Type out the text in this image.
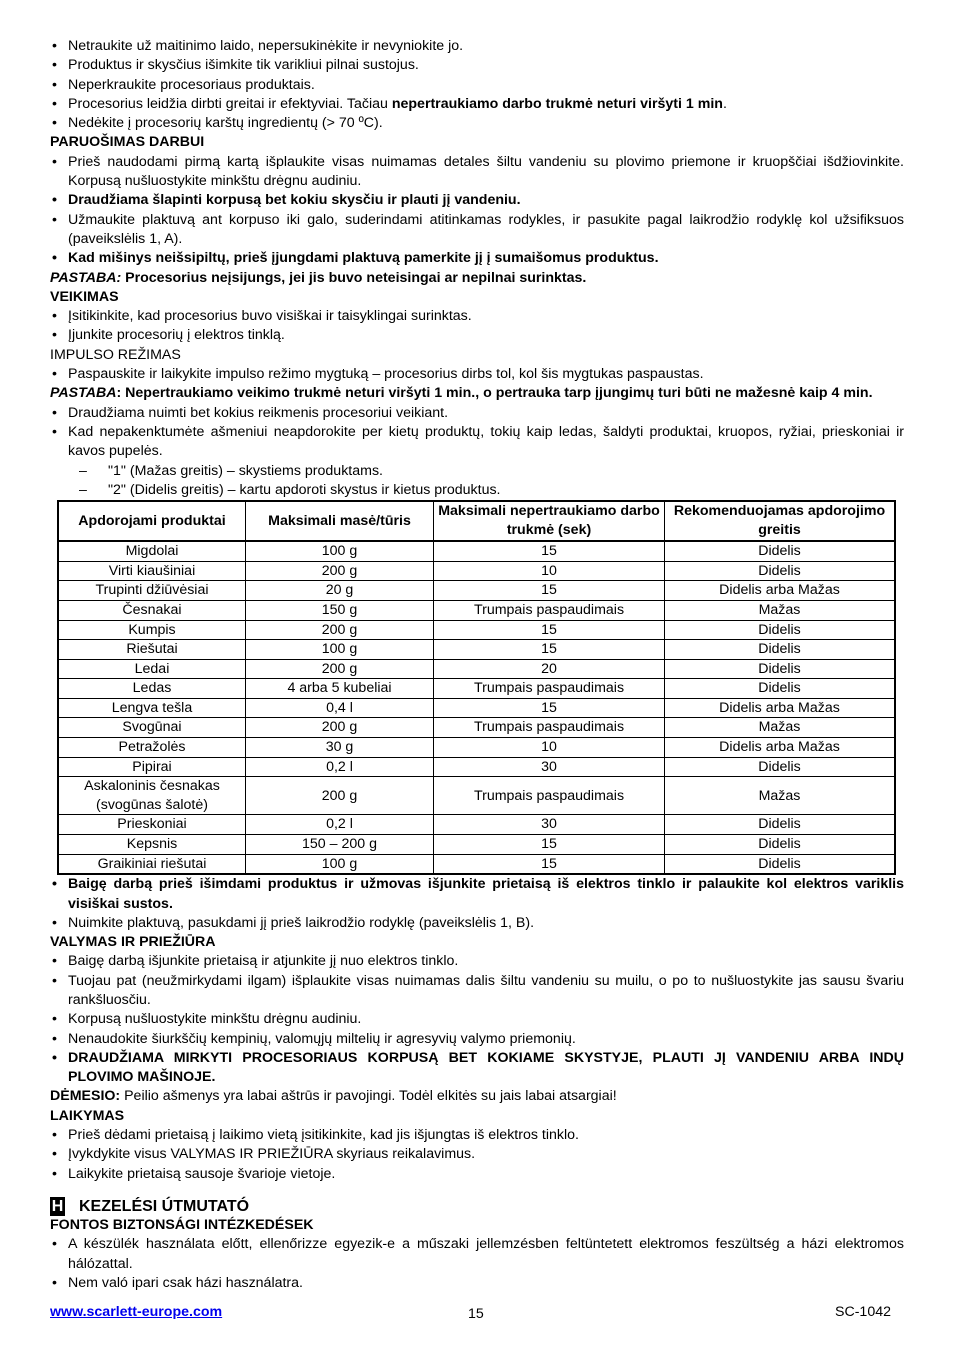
• Netraukite už maitinimo laido, nepersukinėkite ir nevyniokite jo.
• Produktus ir skysčius išimkite tik varikliui pilnai sustojus.
• Neperkraukite procesoriaus produktais.
• Procesorius leidžia dirbti greitai ir efektyviai. Tačiau nepertraukiamo darbo trukmė neturi viršyti 1 min.
• Nedėkite į procesorių karštų ingredientų (> 70 ºC).

PARUOŠIMAS DARBUI

• Prieš naudodami pirmą kartą išplaukite visas nuimamas detales šiltu vandeniu su plovimo priemone ir kruopščiai išdžiovinkite. Korpusą nušluostykite minkštu drėgnu audiniu.
• Draudžiama šlapinti korpusą bet kokiu skysčiu ir plauti jį vandeniu.
• Užmaukite plaktuvą ant korpuso iki galo, suderindami atitinkamas rodykles, ir pasukite pagal laikrodžio rodyklę kol užsifiksuos (paveikslėlis 1, A).
• Kad mišinys neišsipiltų, prieš įjungdami plaktuvą pamerkite jį į sumaišomus produktus.

PASTABA: Procesorius neįsijungs, jei jis buvo neteisingai ar nepilnai surinktas.

VEIKIMAS

• Įsitikinkite, kad procesorius buvo visiškai ir taisyklingai surinktas.
• Įjunkite procesorių į elektros tinklą.

IMPULSO REŽIMAS

• Paspauskite ir laikykite impulso režimo mygtuką – procesorius dirbs tol, kol šis mygtukas paspaustas.

PASTABA: Nepertraukiamo veikimo trukmė neturi viršyti 1 min., o pertrauka tarp įjungimų turi būti ne mažesnė kaip 4 min.

• Draudžiama nuimti bet kokius reikmenis procesoriui veikiant.
• Kad nepakenktumėte ašmeniui neapdorokite per kietų produktų, tokių kaip ledas, šaldyti produktai, kruopos, ryžiai, prieskoniai ir kavos pupelės.
– "1" (Mažas greitis) – skystiems produktams.
– "2" (Didelis greitis) – kartu apdoroti skystus ir kietus produktus.
Apdorojami produktai	Maksimali masė/tūris	Maksimali nepertraukiamo darbo trukmė (sek)	Rekomenduojamas apdorojimo greitis
Migdolai	100 g	15	Didelis
Virti kiaušiniai	200 g	10	Didelis
Trupinti džiūvėsiai	20 g	15	Didelis arba Mažas
Česnakai	150 g	Trumpais paspaudimais	Mažas
Kumpis	200 g	15	Didelis
Riešutai	100 g	15	Didelis
Ledai	200 g	20	Didelis
Ledas	4 arba 5 kubeliai	Trumpais paspaudimais	Didelis
Lengva tešla	0,4 l	15	Didelis arba Mažas
Svogūnai	200 g	Trumpais paspaudimais	Mažas
Petražolės	30 g	10	Didelis arba Mažas
Pipirai	0,2 l	30	Didelis
Askaloninis česnakas (svogūnas šalotė)	200 g	Trumpais paspaudimais	Mažas
Prieskoniai	0,2 l	30	Didelis
Kepsnis	150 – 200 g	15	Didelis
Graikiniai riešutai	100 g	15	Didelis
• Baigę darbą prieš išimdami produktus ir užmovas išjunkite prietaisą iš elektros tinklo ir palaukite kol elektros variklis visiškai sustos.
• Nuimkite plaktuvą, pasukdami jį prieš laikrodžio rodyklę (paveikslėlis 1, B).

VALYMAS IR PRIEŽIŪRA

• Baigę darbą išjunkite prietaisą ir atjunkite jį nuo elektros tinklo.
• Tuojau pat (neužmirkydami ilgam) išplaukite visas nuimamas dalis šiltu vandeniu su muilu, o po to nušluostykite jas sausu švariu rankšluosčiu.
• Korpusą nušluostykite minkštu drėgnu audiniu.
• Nenaudokite šiurkščių kempinių, valomųjų miltelių ir agresyvių valymo priemonių.
• DRAUDŽIAMA MIRKYTI PROCESORIAUS KORPUSĄ BET KOKIAME SKYSTYJE, PLAUTI JĮ VANDENIU ARBA INDŲ PLOVIMO MAŠINOJE.

DĖMESIO: Peilio ašmenys yra labai aštrūs ir pavojingi. Todėl elkitės su jais labai atsargiai!

LAIKYMAS

• Prieš dėdami prietaisą į laikimo vietą įsitikinkite, kad jis išjungtas iš elektros tinklo.
• Įvykdykite visus VALYMAS IR PRIEŽIŪRA skyriaus reikalavimus.
• Laikykite prietaisą sausoje švarioje vietoje.

H KEZELÉSI ÚTMUTATÓ

FONTOS BIZTONSÁGI INTÉZKEDÉSEK

• A készülék használata előtt, ellenőrizze egyezik-e a műszaki jellemzésben feltüntetett elektromos feszültség a házi elektromos hálózattal.
• Nem való ipari csak házi használatra.
www.scarlett-europe.com	15	SC-1042
